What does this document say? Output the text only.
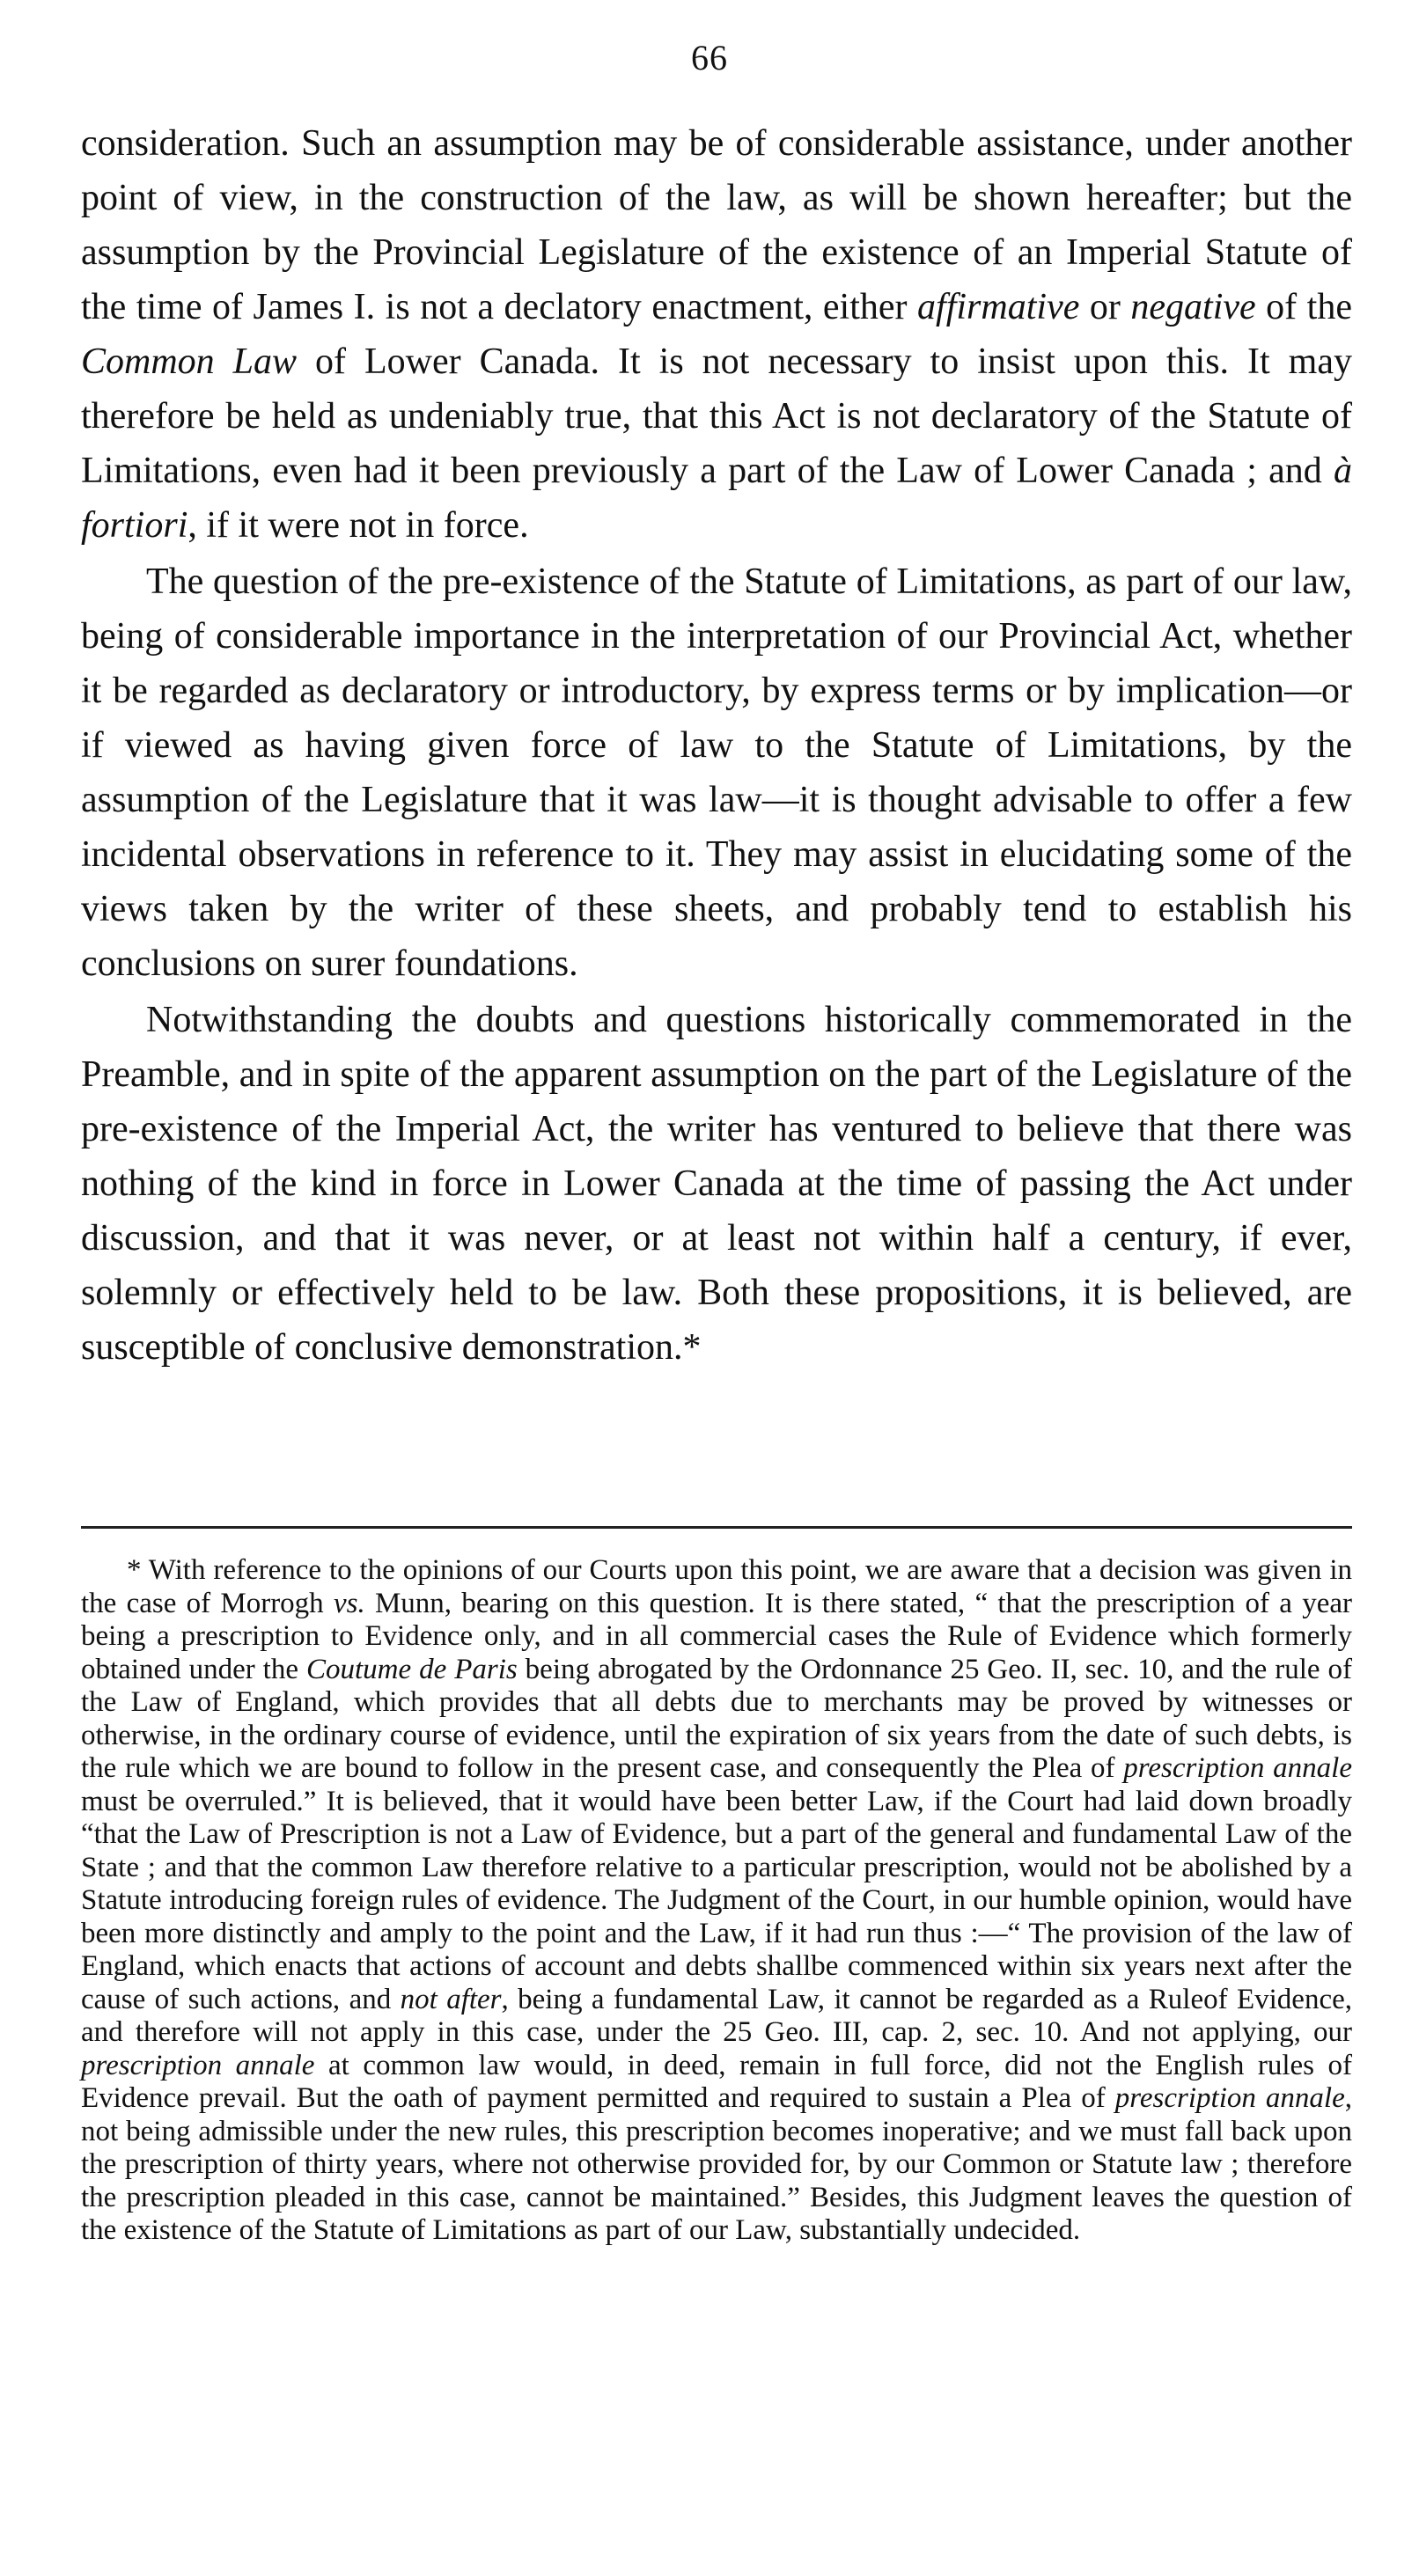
66

consideration. Such an assumption may be of considerable assistance, under another point of view, in the construction of the law, as will be shown hereafter; but the assumption by the Provincial Legislature of the existence of an Imperial Statute of the time of James I. is not a declatory enactment, either affirmative or negative of the Common Law of Lower Canada. It is not necessary to insist upon this. It may therefore be held as undeniably true, that this Act is not declaratory of the Statute of Limitations, even had it been previously a part of the Law of Lower Canada ; and à fortiori, if it were not in force.

The question of the pre-existence of the Statute of Limitations, as part of our law, being of considerable importance in the interpretation of our Provincial Act, whether it be regarded as declaratory or introductory, by express terms or by implication—or if viewed as having given force of law to the Statute of Limitations, by the assumption of the Legislature that it was law—it is thought advisable to offer a few incidental observations in reference to it. They may assist in elucidating some of the views taken by the writer of these sheets, and probably tend to establish his conclusions on surer foundations.

Notwithstanding the doubts and questions historically commemorated in the Preamble, and in spite of the apparent assumption on the part of the Legislature of the pre-existence of the Imperial Act, the writer has ventured to believe that there was nothing of the kind in force in Lower Canada at the time of passing the Act under discussion, and that it was never, or at least not within half a century, if ever, solemnly or effectively held to be law. Both these propositions, it is believed, are susceptible of conclusive demonstration.*

* With reference to the opinions of our Courts upon this point, we are aware that a decision was given in the case of Morrogh vs. Munn, bearing on this question. It is there stated, “ that the prescription of a year being a prescription to Evidence only, and in all commercial cases the Rule of Evidence which formerly obtained under the Coutume de Paris being abrogated by the Ordonnance 25 Geo. II, sec. 10, and the rule of the Law of England, which provides that all debts due to merchants may be proved by witnesses or otherwise, in the ordinary course of evidence, until the expiration of six years from the date of such debts, is the rule which we are bound to follow in the present case, and consequently the Plea of prescription annale must be overruled.” It is believed, that it would have been better Law, if the Court had laid down broadly “that the Law of Prescription is not a Law of Evidence, but a part of the general and fundamental Law of the State ; and that the common Law therefore relative to a particular prescription, would not be abolished by a Statute introducing foreign rules of evidence. The Judgment of the Court, in our humble opinion, would have been more distinctly and amply to the point and the Law, if it had run thus :—“ The provision of the law of England, which enacts that actions of account and debts shallbe commenced within six years next after the cause of such actions, and not after, being a fundamental Law, it cannot be regarded as a Ruleof Evidence, and therefore will not apply in this case, under the 25 Geo. III, cap. 2, sec. 10. And not applying, our prescription annale at common law would, in deed, remain in full force, did not the English rules of Evidence prevail. But the oath of payment permitted and required to sustain a Plea of prescription annale, not being admissible under the new rules, this prescription becomes inoperative; and we must fall back upon the prescription of thirty years, where not otherwise provided for, by our Common or Statute law ; therefore the prescription pleaded in this case, cannot be maintained.” Besides, this Judgment leaves the question of the existence of the Statute of Limitations as part of our Law, substantially undecided.
